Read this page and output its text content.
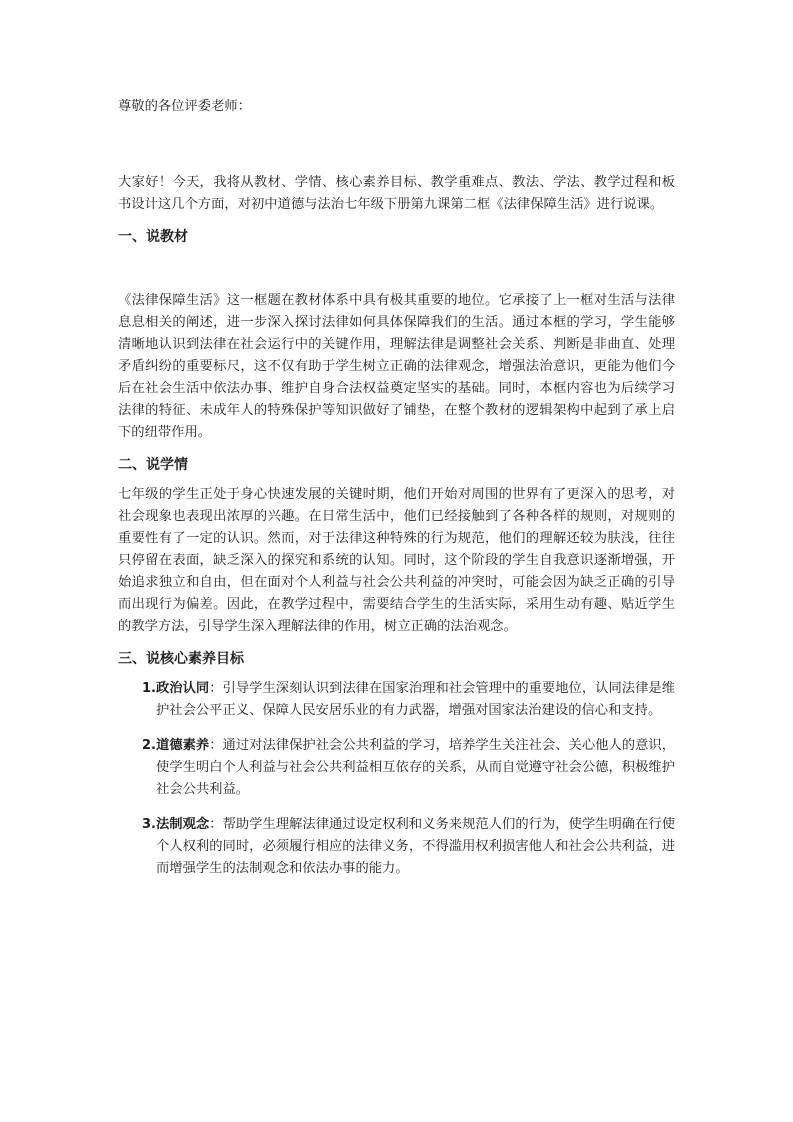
尊敬的各位评委老师：

大家好！今天，我将从教材、学情、核心素养目标、教学重难点、教法、学法、教学过程和板书设计这几个方面，对初中道德与法治七年级下册第九课第二框《法律保障生活》进行说课。

一、说教材

《法律保障生活》这一框题在教材体系中具有极其重要的地位。它承接了上一框对生活与法律息息相关的阐述，进一步深入探讨法律如何具体保障我们的生活。通过本框的学习，学生能够清晰地认识到法律在社会运行中的关键作用，理解法律是调整社会关系、判断是非曲直、处理矛盾纠纷的重要标尺，这不仅有助于学生树立正确的法律观念，增强法治意识，更能为他们今后在社会生活中依法办事、维护自身合法权益奠定坚实的基础。同时，本框内容也为后续学习法律的特征、未成年人的特殊保护等知识做好了铺垫，在整个教材的逻辑架构中起到了承上启下的纽带作用。

二、说学情

七年级的学生正处于身心快速发展的关键时期，他们开始对周围的世界有了更深入的思考，对社会现象也表现出浓厚的兴趣。在日常生活中，他们已经接触到了各种各样的规则，对规则的重要性有了一定的认识。然而，对于法律这种特殊的行为规范，他们的理解还较为肤浅，往往只停留在表面，缺乏深入的探究和系统的认知。同时，这个阶段的学生自我意识逐渐增强，开始追求独立和自由，但在面对个人利益与社会公共利益的冲突时，可能会因为缺乏正确的引导而出现行为偏差。因此，在教学过程中，需要结合学生的生活实际，采用生动有趣、贴近学生的教学方法，引导学生深入理解法律的作用，树立正确的法治观念。

三、说核心素养目标
1. 政治认同：引导学生深刻认识到法律在国家治理和社会管理中的重要地位，认同法律是维护社会公平正义、保障人民安居乐业的有力武器，增强对国家法治建设的信心和支持。
2. 道德素养：通过对法律保护社会公共利益的学习，培养学生关注社会、关心他人的意识，使学生明白个人利益与社会公共利益相互依存的关系，从而自觉遵守社会公德，积极维护社会公共利益。
3. 法制观念：帮助学生理解法律通过设定权利和义务来规范人们的行为，使学生明确在行使个人权利的同时，必须履行相应的法律义务，不得滥用权利损害他人和社会公共利益，进而增强学生的法制观念和依法办事的能力。
